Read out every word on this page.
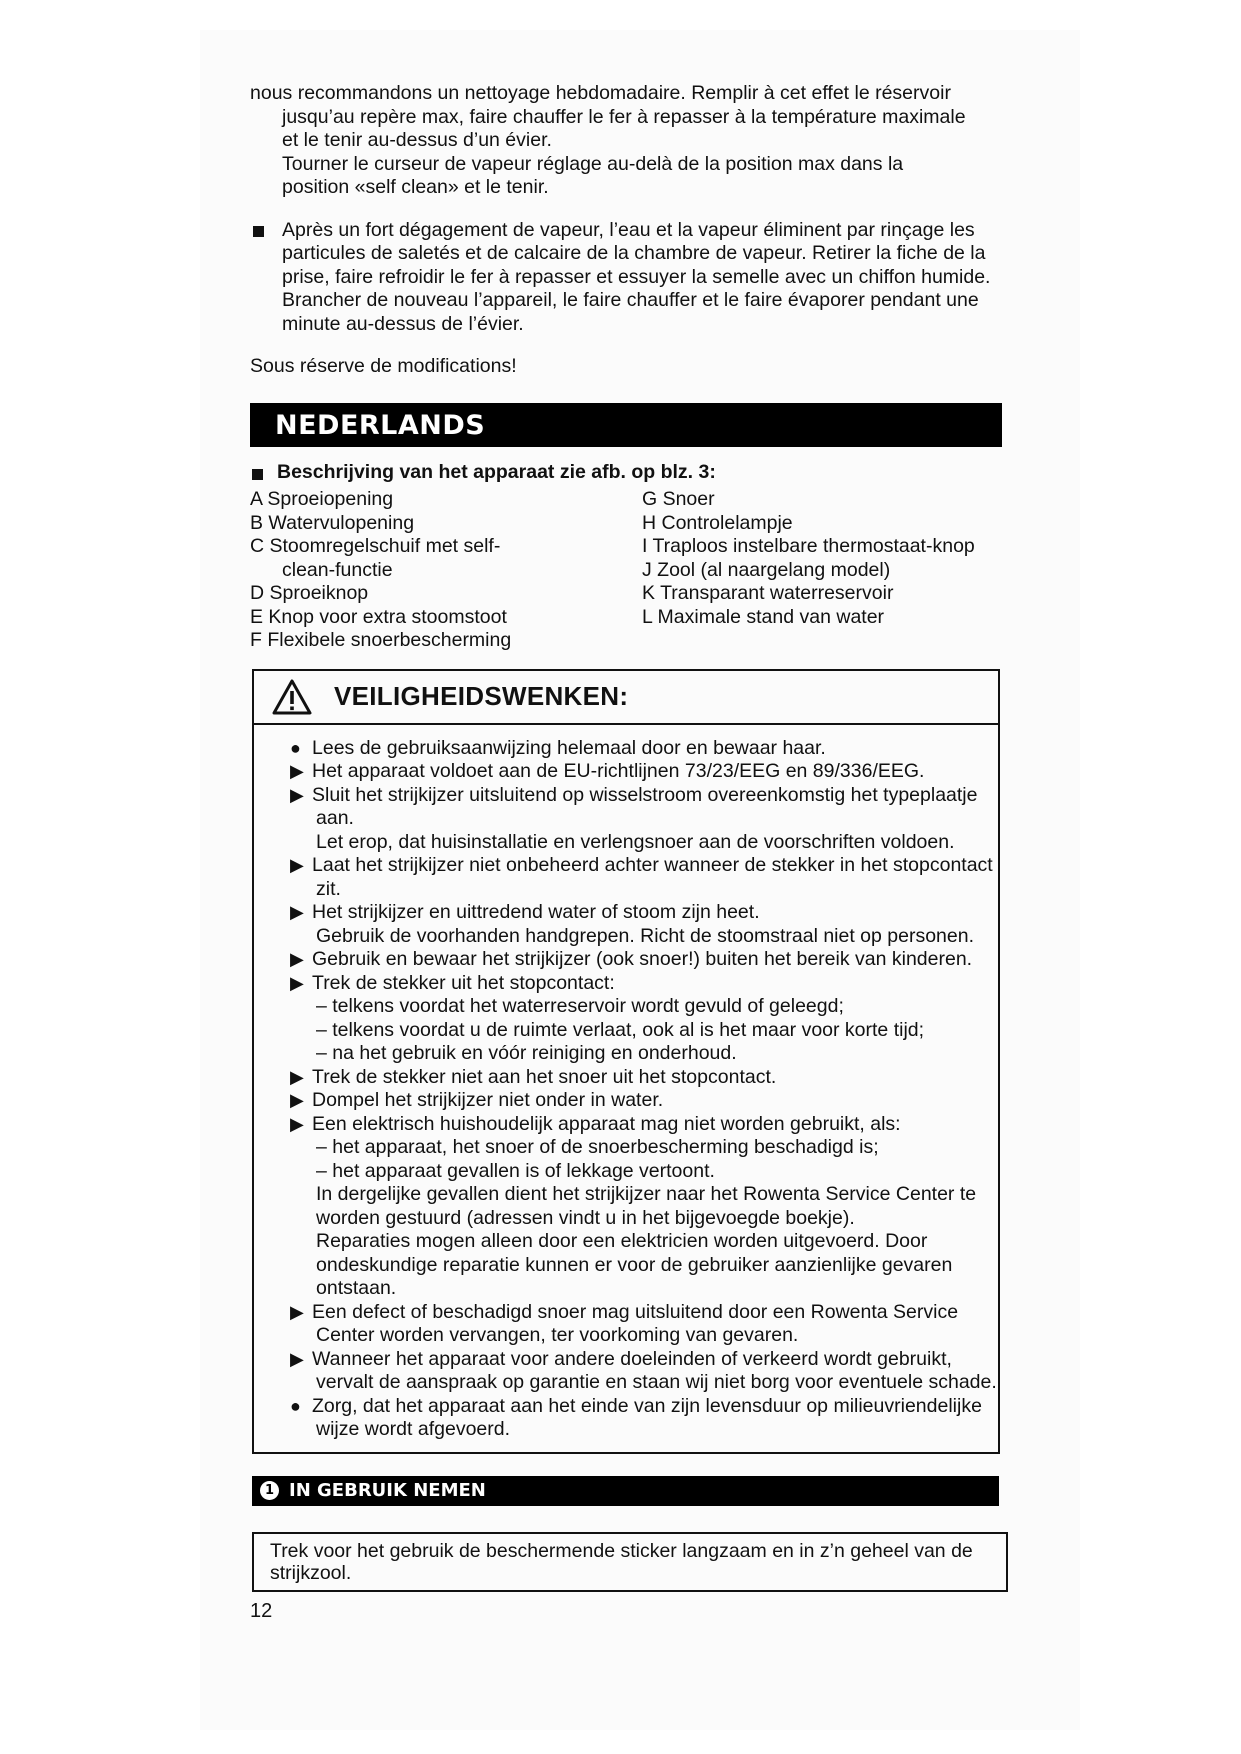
nous recommandons un nettoyage hebdomadaire. Remplir à cet effet le réservoir

jusqu’au repère max, faire chauffer le fer à repasser à la température maximale

et le tenir au-dessus d’un évier.

Tourner le curseur de vapeur réglage au-delà de la position max dans la

position «self clean» et le tenir.

Après un fort dégagement de vapeur, l’eau et la vapeur éliminent par rinçage les particules de saletés et de calcaire de la chambre de vapeur. Retirer la fiche de la prise, faire refroidir le fer à repasser et essuyer la semelle avec un chiffon humide. Brancher de nouveau l’appareil, le faire chauffer et le faire évaporer pendant une minute au-dessus de l’évier.

Sous réserve de modifications!

NEDERLANDS
Beschrijving van het apparaat zie afb. op blz. 3:
A Sproeiopening
B Watervulopening
C Stoomregelschuif met self-clean-functie
D Sproeiknop
E Knop voor extra stoomstoot
F Flexibele snoerbescherming
G Snoer
H Controlelampje
I Traploos instelbare thermostaat-knop
J Zool (al naargelang model)
K Transparant waterreservoir
L Maximale stand van water
VEILIGHEIDSWENKEN:
● Lees de gebruiksaanwijzing helemaal door en bewaar haar.
▶ Het apparaat voldoet aan de EU-richtlijnen 73/23/EEG en 89/336/EEG.
▶ Sluit het strijkijzer uitsluitend op wisselstroom overeenkomstig het typeplaatje aan.
Let erop, dat huisinstallatie en verlengsnoer aan de voorschriften voldoen.
▶ Laat het strijkijzer niet onbeheerd achter wanneer de stekker in het stopcontact zit.
▶ Het strijkijzer en uittredend water of stoom zijn heet.
Gebruik de voorhanden handgrepen. Richt de stoomstraal niet op personen.
▶ Gebruik en bewaar het strijkijzer (ook snoer!) buiten het bereik van kinderen.
▶ Trek de stekker uit het stopcontact:
– telkens voordat het waterreservoir wordt gevuld of geleegd;
– telkens voordat u de ruimte verlaat, ook al is het maar voor korte tijd;
– na het gebruik en vóór reiniging en onderhoud.
▶ Trek de stekker niet aan het snoer uit het stopcontact.
▶ Dompel het strijkijzer niet onder in water.
▶ Een elektrisch huishoudelijk apparaat mag niet worden gebruikt, als:
– het apparaat, het snoer of de snoerbescherming beschadigd is;
– het apparaat gevallen is of lekkage vertoont.
In dergelijke gevallen dient het strijkijzer naar het Rowenta Service Center te worden gestuurd (adressen vindt u in het bijgevoegde boekje).
Reparaties mogen alleen door een elektricien worden uitgevoerd. Door ondeskundige reparatie kunnen er voor de gebruiker aanzienlijke gevaren ontstaan.
▶ Een defect of beschadigd snoer mag uitsluitend door een Rowenta Service Center worden vervangen, ter voorkoming van gevaren.
▶ Wanneer het apparaat voor andere doeleinden of verkeerd wordt gebruikt, vervalt de aanspraak op garantie en staan wij niet borg voor eventuele schade.
● Zorg, dat het apparaat aan het einde van zijn levensduur op milieuvriendelijke wijze wordt afgevoerd.
1 IN GEBRUIK NEMEN
Trek voor het gebruik de beschermende sticker langzaam en in z’n geheel van de strijkzool.
12
